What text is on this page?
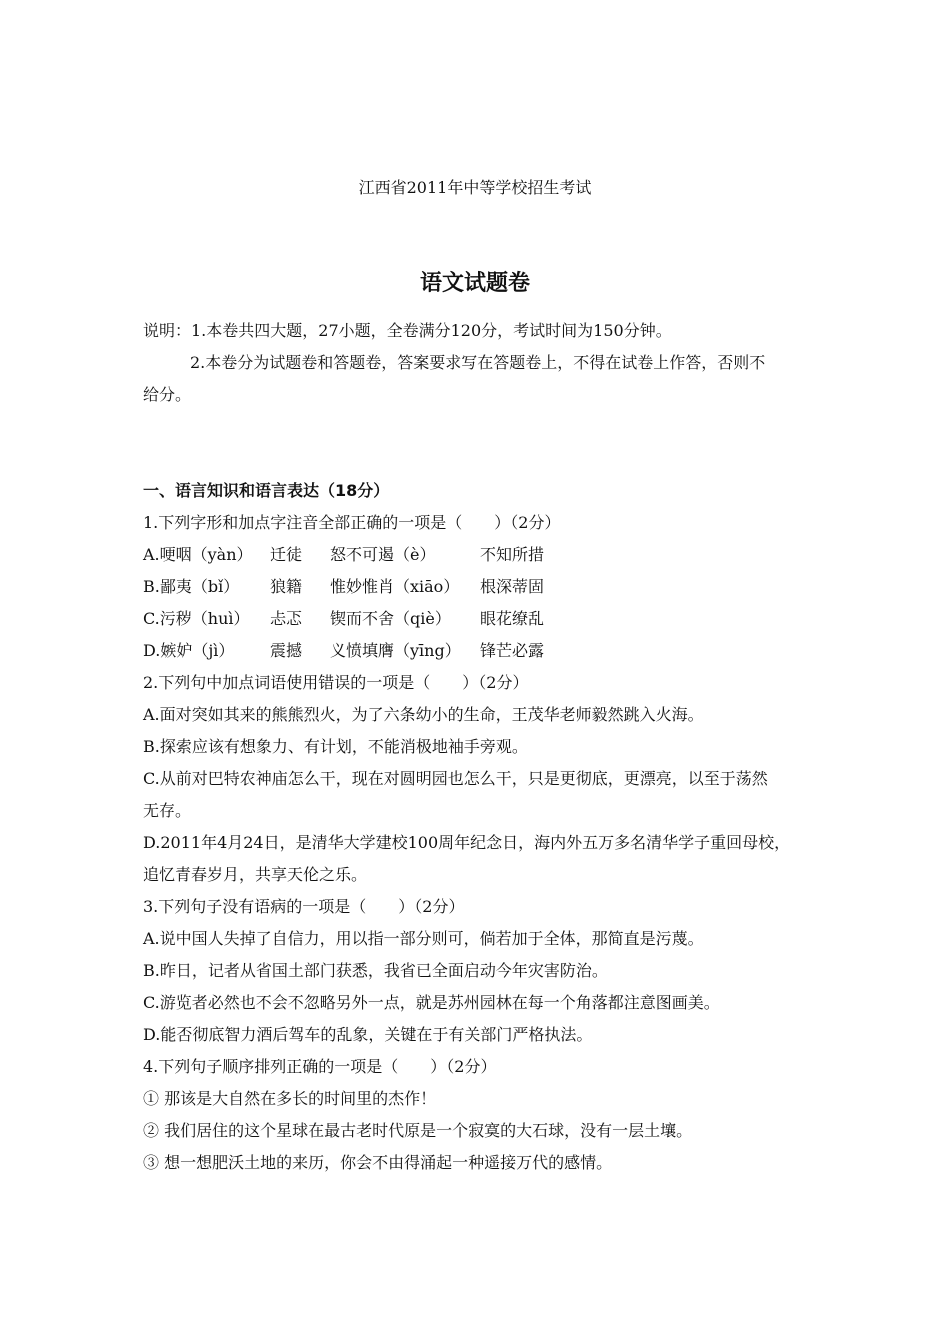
江西省2011年中等学校招生考试
语文试题卷
说明：1.本卷共四大题，27小题，全卷满分120分，考试时间为150分钟。
2.本卷分为试题卷和答题卷，答案要求写在答题卷上，不得在试卷上作答，否则不
给分。
一、语言知识和语言表达（18分）
1.下列字形和加点字注音全部正确的一项是（　　）（2分）
A.哽咽（yàn） 迁徒 怒不可遏（è）	不知所措
B.鄙夷（bǐ） 狼籍 惟妙惟肖（xiāo） 根深蒂固
C.污秽（huì） 忐忑 锲而不舍（qiè） 眼花缭乱
D.嫉妒（jì） 震撼 义愤填膺（yīng） 锋芒必露
2.下列句中加点词语使用错误的一项是（　　）（2分）
A.面对突如其来的熊熊烈火，为了六条幼小的生命，王茂华老师毅然跳入火海。
B.探索应该有想象力、有计划，不能消极地袖手旁观。
C.从前对巴特农神庙怎么干，现在对圆明园也怎么干，只是更彻底，更漂亮，以至于荡然
无存。
D.2011年4月24日，是清华大学建校100周年纪念日，海内外五万多名清华学子重回母校，
追忆青春岁月，共享天伦之乐。
3.下列句子没有语病的一项是（　　）（2分）
A.说中国人失掉了自信力，用以指一部分则可，倘若加于全体，那简直是污蔑。
B.昨日，记者从省国土部门获悉，我省已全面启动今年灾害防治。
C.游览者必然也不会不忽略另外一点，就是苏州园林在每一个角落都注意图画美。
D.能否彻底智力酒后驾车的乱象，关键在于有关部门严格执法。
4.下列句子顺序排列正确的一项是（　　）（2分）
① 那该是大自然在多长的时间里的杰作！
② 我们居住的这个星球在最古老时代原是一个寂寞的大石球，没有一层土壤。
③ 想一想肥沃土地的来历，你会不由得涌起一种遥接万代的感情。
